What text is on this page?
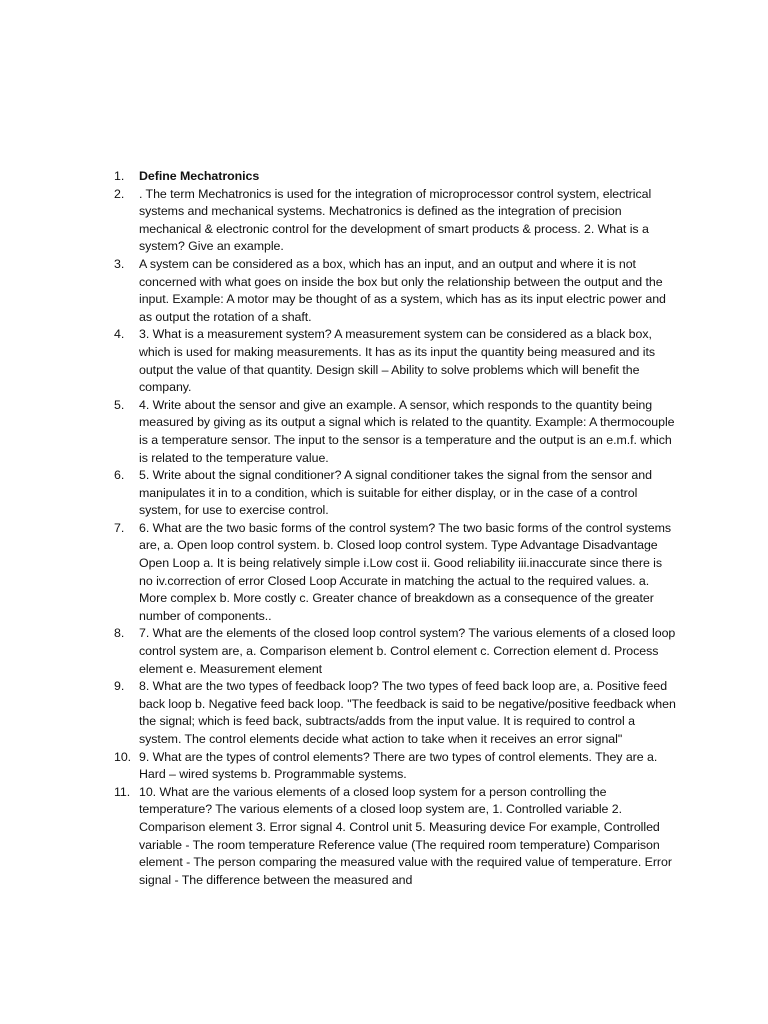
1.	Define Mechatronics
2.	. The term Mechatronics is used for the integration of microprocessor control system, electrical systems and mechanical systems. Mechatronics is defined as the integration of precision mechanical & electronic control for the development of smart products & process. 2. What is a system? Give an example.
3.	A system can be considered as a box, which has an input, and an output and where it is not concerned with what goes on inside the box but only the relationship between the output and the input. Example: A motor may be thought of as a system, which has as its input electric power and as output the rotation of a shaft.
4.	3. What is a measurement system? A measurement system can be considered as a black box, which is used for making measurements. It has as its input the quantity being measured and its output the value of that quantity. Design skill – Ability to solve problems which will benefit the company.
5.	4. Write about the sensor and give an example. A sensor, which responds to the quantity being measured by giving as its output a signal which is related to the quantity. Example: A thermocouple is a temperature sensor. The input to the sensor is a temperature and the output is an e.m.f. which is related to the temperature value.
6.	5. Write about the signal conditioner? A signal conditioner takes the signal from the sensor and manipulates it in to a condition, which is suitable for either display, or in the case of a control system, for use to exercise control.
7.	6. What are the two basic forms of the control system? The two basic forms of the control systems are, a. Open loop control system. b. Closed loop control system. Type Advantage Disadvantage Open Loop a. It is being relatively simple i.Low cost ii. Good reliability iii.inaccurate since there is no iv.correction of error Closed Loop Accurate in matching the actual to the required values. a. More complex b. More costly c. Greater chance of breakdown as a consequence of the greater number of components..
8.	7. What are the elements of the closed loop control system? The various elements of a closed loop control system are, a. Comparison element b. Control element c. Correction element d. Process element e. Measurement element
9.	8. What are the two types of feedback loop? The two types of feed back loop are, a. Positive feed back loop b. Negative feed back loop. "The feedback is said to be negative/positive feedback when the signal; which is feed back, subtracts/adds from the input value. It is required to control a system. The control elements decide what action to take when it receives an error signal"
10. 9. What are the types of control elements? There are two types of control elements. They are a. Hard – wired systems b. Programmable systems.
11. 10. What are the various elements of a closed loop system for a person controlling the temperature? The various elements of a closed loop system are, 1. Controlled variable 2. Comparison element 3. Error signal 4. Control unit 5. Measuring device For example, Controlled variable - The room temperature Reference value (The required room temperature) Comparison element - The person comparing the measured value with the required value of temperature. Error signal - The difference between the measured and
